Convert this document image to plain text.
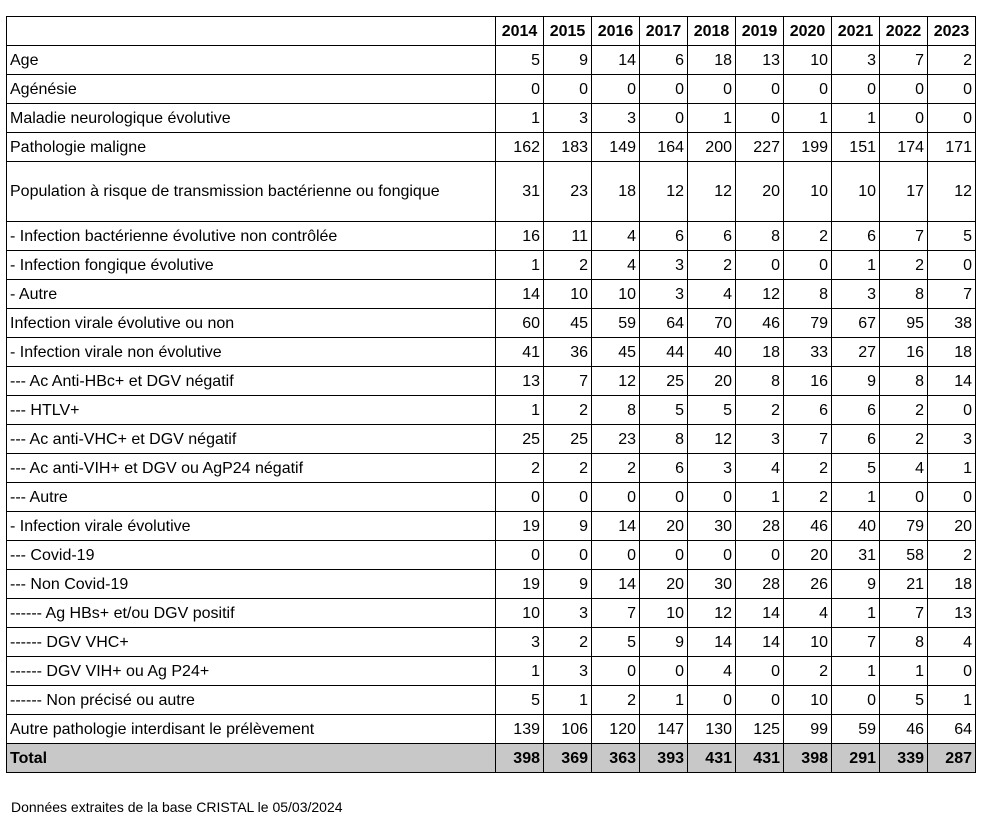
	2014	2015	2016	2017	2018	2019	2020	2021	2022	2023
Age	5	9	14	6	18	13	10	3	7	2
Agénésie	0	0	0	0	0	0	0	0	0	0
Maladie neurologique évolutive	1	3	3	0	1	0	1	1	0	0
Pathologie maligne	162	183	149	164	200	227	199	151	174	171
Population à risque de transmission bactérienne ou fongique	31	23	18	12	12	20	10	10	17	12
- Infection bactérienne évolutive non contrôlée	16	11	4	6	6	8	2	6	7	5
- Infection fongique évolutive	1	2	4	3	2	0	0	1	2	0
- Autre	14	10	10	3	4	12	8	3	8	7
Infection virale évolutive ou non	60	45	59	64	70	46	79	67	95	38
- Infection virale non évolutive	41	36	45	44	40	18	33	27	16	18
--- Ac Anti-HBc+ et DGV négatif	13	7	12	25	20	8	16	9	8	14
--- HTLV+	1	2	8	5	5	2	6	6	2	0
--- Ac anti-VHC+ et DGV négatif	25	25	23	8	12	3	7	6	2	3
--- Ac anti-VIH+ et DGV ou AgP24 négatif	2	2	2	6	3	4	2	5	4	1
--- Autre	0	0	0	0	0	1	2	1	0	0
- Infection virale évolutive	19	9	14	20	30	28	46	40	79	20
--- Covid-19	0	0	0	0	0	0	20	31	58	2
--- Non Covid-19	19	9	14	20	30	28	26	9	21	18
------ Ag HBs+ et/ou DGV positif	10	3	7	10	12	14	4	1	7	13
------ DGV VHC+	3	2	5	9	14	14	10	7	8	4
------ DGV VIH+ ou Ag P24+	1	3	0	0	4	0	2	1	1	0
------ Non précisé ou autre	5	1	2	1	0	0	10	0	5	1
Autre pathologie interdisant le prélèvement	139	106	120	147	130	125	99	59	46	64
Total	398	369	363	393	431	431	398	291	339	287
Données extraites de la base CRISTAL le 05/03/2024
